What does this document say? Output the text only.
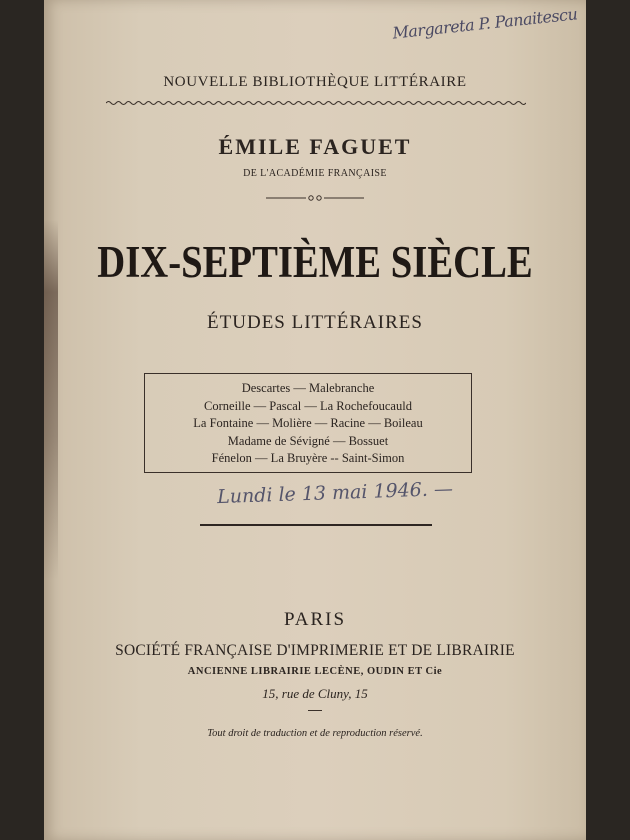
Margareta P. Panaitescu
NOUVELLE BIBLIOTHÈQUE LITTÉRAIRE
ÉMILE FAGUET
DE L'ACADÉMIE FRANÇAISE
DIX-SEPTIÈME SIÈCLE
ÉTUDES LITTÉRAIRES
Descartes — Malebranche
Corneille — Pascal — La Rochefoucauld
La Fontaine — Molière — Racine — Boileau
Madame de Sévigné — Bossuet
Fénelon — La Bruyère -- Saint-Simon
Lundi le 13 mai 1946. —
PARIS
SOCIÉTÉ FRANÇAISE D'IMPRIMERIE ET DE LIBRAIRIE
ANCIENNE LIBRAIRIE LECÈNE, OUDIN ET Cie
15, rue de Cluny, 15
Tout droit de traduction et de reproduction réservé.
